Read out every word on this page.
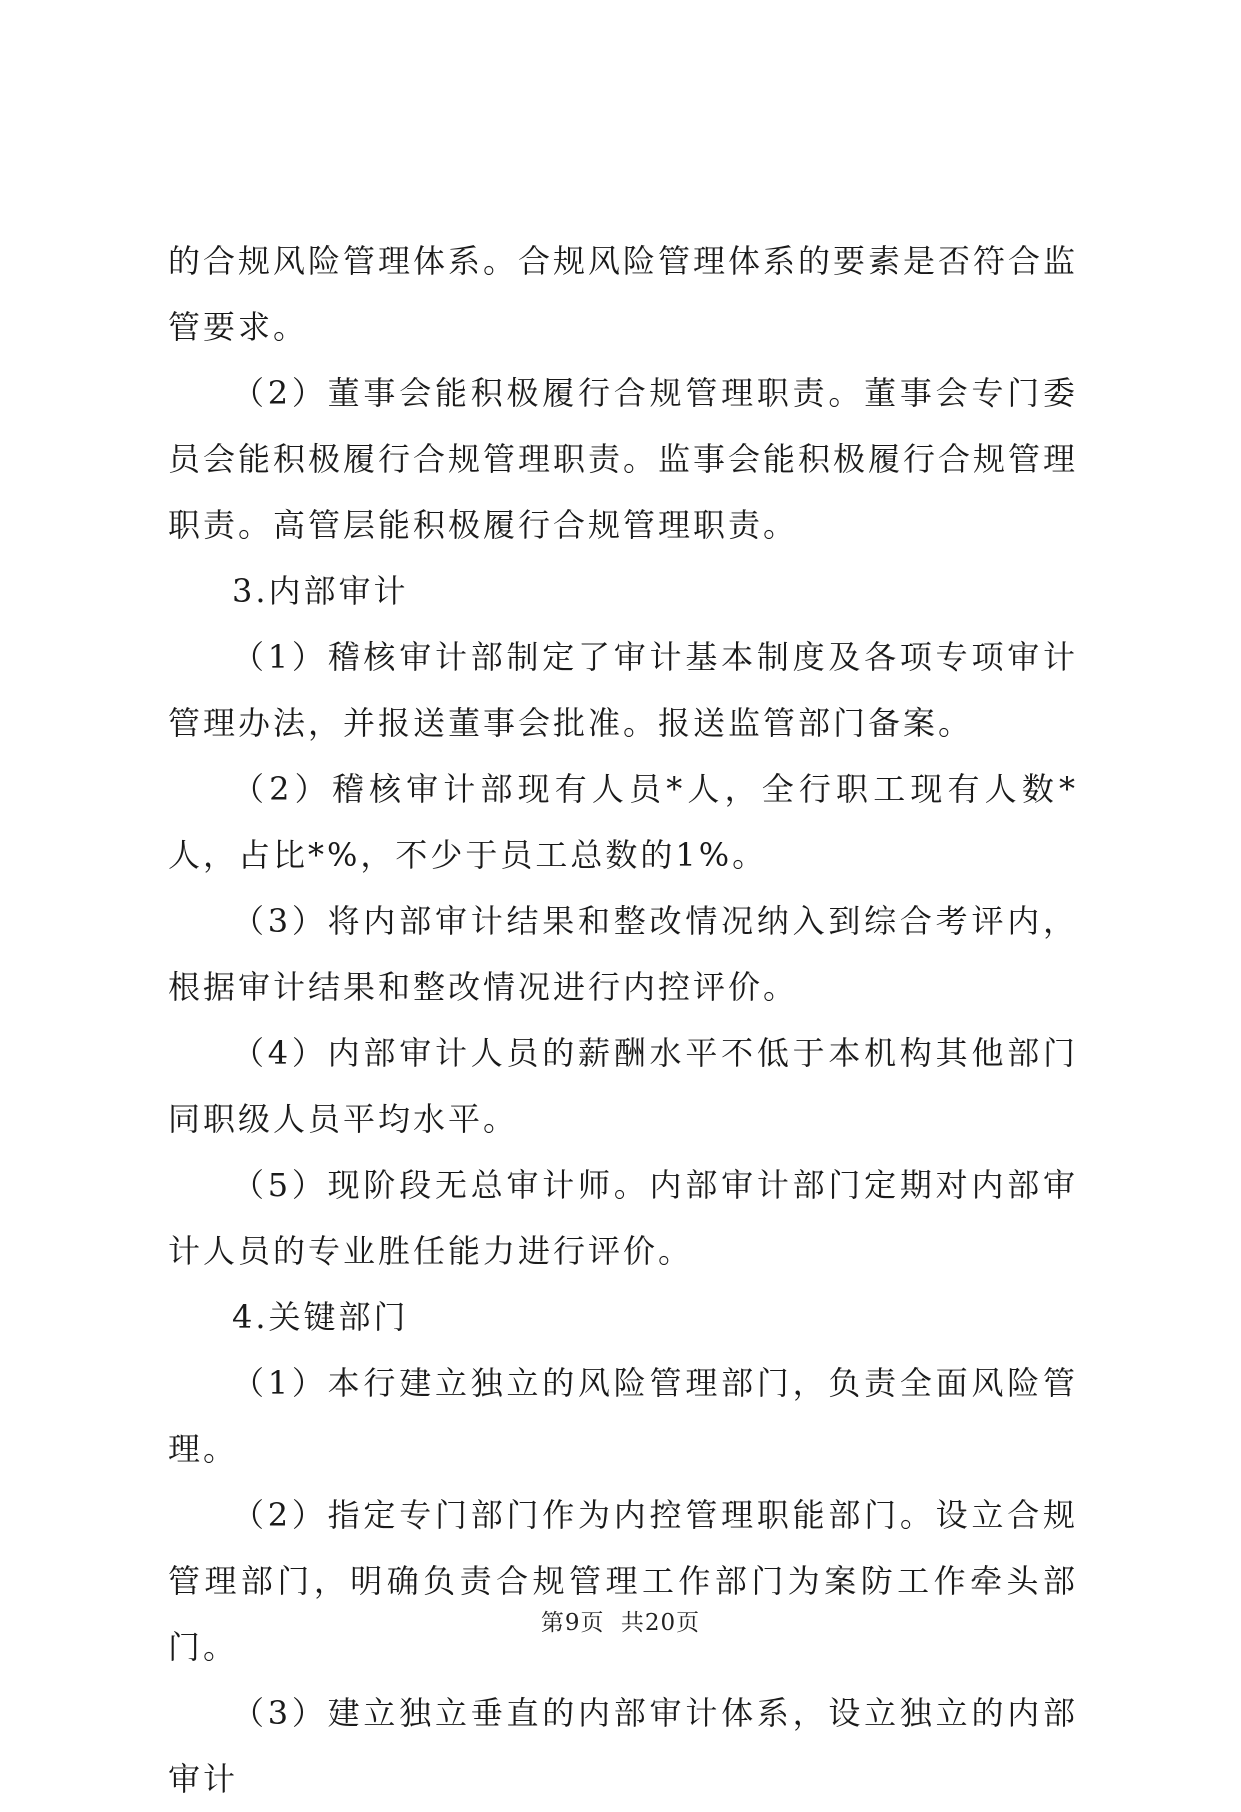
的合规风险管理体系。合规风险管理体系的要素是否符合监管要求。

（2）董事会能积极履行合规管理职责。董事会专门委员会能积极履行合规管理职责。监事会能积极履行合规管理职责。高管层能积极履行合规管理职责。

3.内部审计

（1）稽核审计部制定了审计基本制度及各项专项审计管理办法，并报送董事会批准。报送监管部门备案。

（2）稽核审计部现有人员*人，全行职工现有人数*人，占比*%，不少于员工总数的1%。

（3）将内部审计结果和整改情况纳入到综合考评内，根据审计结果和整改情况进行内控评价。

（4）内部审计人员的薪酬水平不低于本机构其他部门同职级人员平均水平。

（5）现阶段无总审计师。内部审计部门定期对内部审计人员的专业胜任能力进行评价。

4.关键部门

（1）本行建立独立的风险管理部门，负责全面风险管理。

（2）指定专门部门作为内控管理职能部门。设立合规管理部门，明确负责合规管理工作部门为案防工作牵头部门。

（3）建立独立垂直的内部审计体系，设立独立的内部审计

第9页 共20页
